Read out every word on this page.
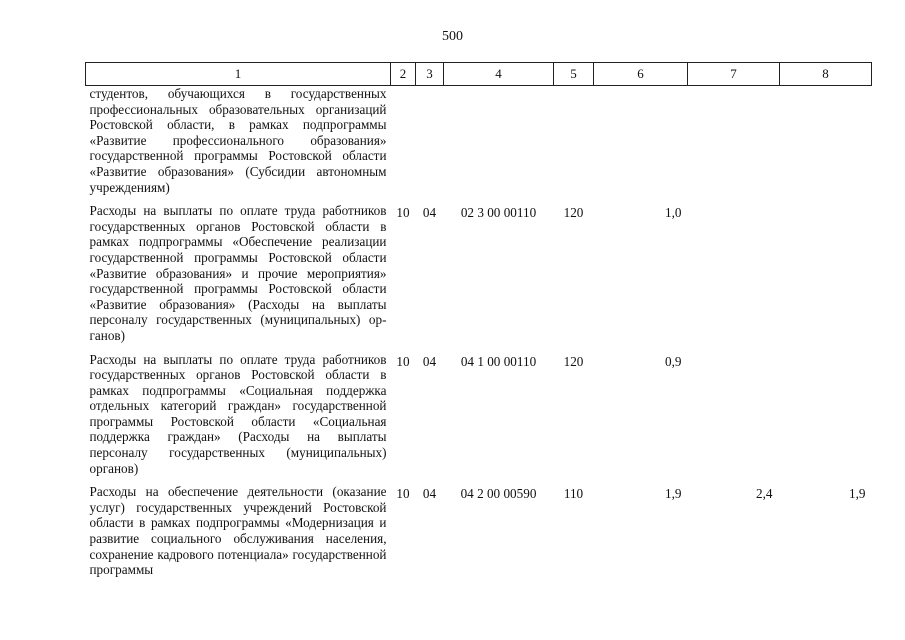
500
1	2	3	4	5	6	7	8
студентов, обучающихся в государственных профессиональных образовательных организаций Ростовской области, в рамках подпрограммы «Развитие профессионального образования» государственной программы Ростовской области «Развитие образования» (Субсидии автономным учреждениям)							

Расходы на выплаты по оплате труда работников государственных органов Ростовской области в рамках подпрограммы «Обеспечение реализации государственной программы Ростовской области «Развитие образования» и прочие мероприятия» государственной программы Ростовской области «Развитие образования» (Расходы на выплаты персоналу государственных (муниципальных) органов)	10	04	02 3 00 00110	120	1,0		

Расходы на выплаты по оплате труда работников государственных органов Ростовской области в рамках подпрограммы «Социальная поддержка отдельных категорий граждан» государственной программы Ростовской области «Социальная поддержка граждан» (Расходы на выплаты персоналу государственных (муниципальных) органов)	10	04	04 1 00 00110	120	0,9		

Расходы на обеспечение деятельности (оказание услуг) государственных учреждений Ростовской области в рамках подпрограммы «Модернизация и развитие социального обслуживания населения, сохранение кадрового потенциала» государственной программы	10	04	04 2 00 00590	110	1,9	2,4	1,9
